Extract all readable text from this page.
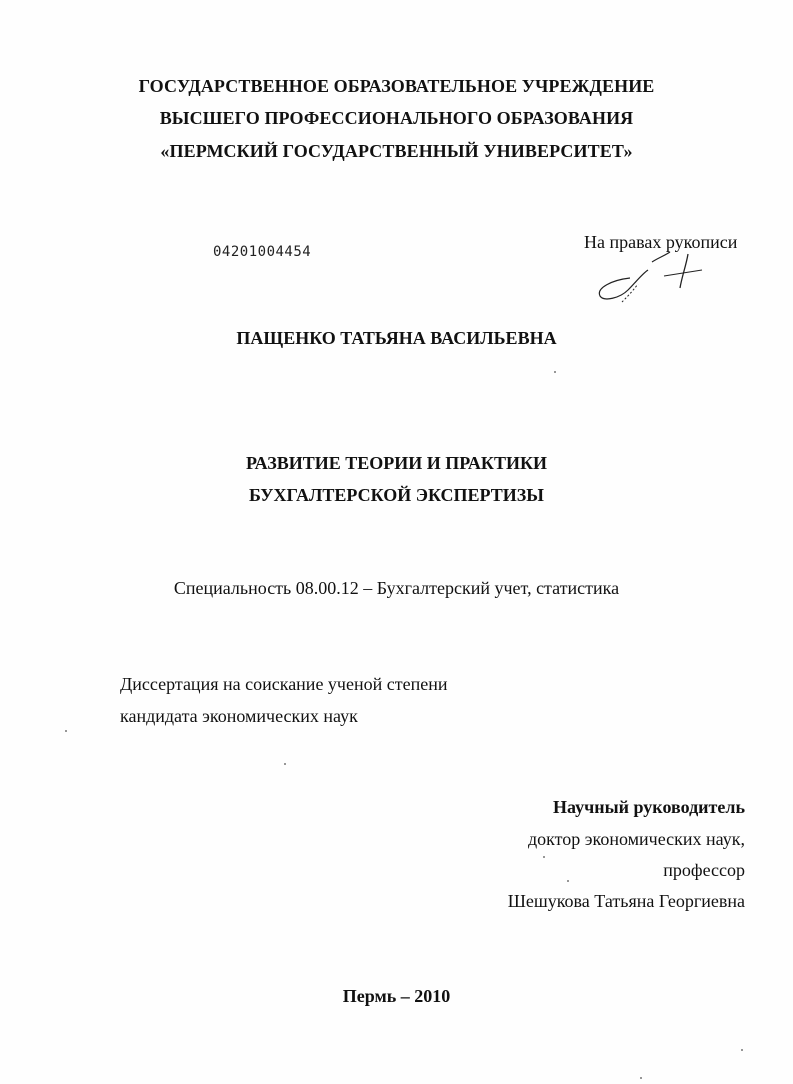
ГОСУДАРСТВЕННОЕ ОБРАЗОВАТЕЛЬНОЕ УЧРЕЖДЕНИЕ
ВЫСШЕГО ПРОФЕССИОНАЛЬНОГО ОБРАЗОВАНИЯ
«ПЕРМСКИЙ ГОСУДАРСТВЕННЫЙ УНИВЕРСИТЕТ»
04201004454	На правах рукописи
ПАЩЕНКО ТАТЬЯНА ВАСИЛЬЕВНА
РАЗВИТИЕ ТЕОРИИ И ПРАКТИКИ
БУХГАЛТЕРСКОЙ ЭКСПЕРТИЗЫ
Специальность 08.00.12 – Бухгалтерский учет, статистика
Диссертация на соискание ученой степени
кандидата экономических наук
Научный руководитель
доктор экономических наук,
профессор
Шешукова Татьяна Георгиевна
Пермь – 2010
